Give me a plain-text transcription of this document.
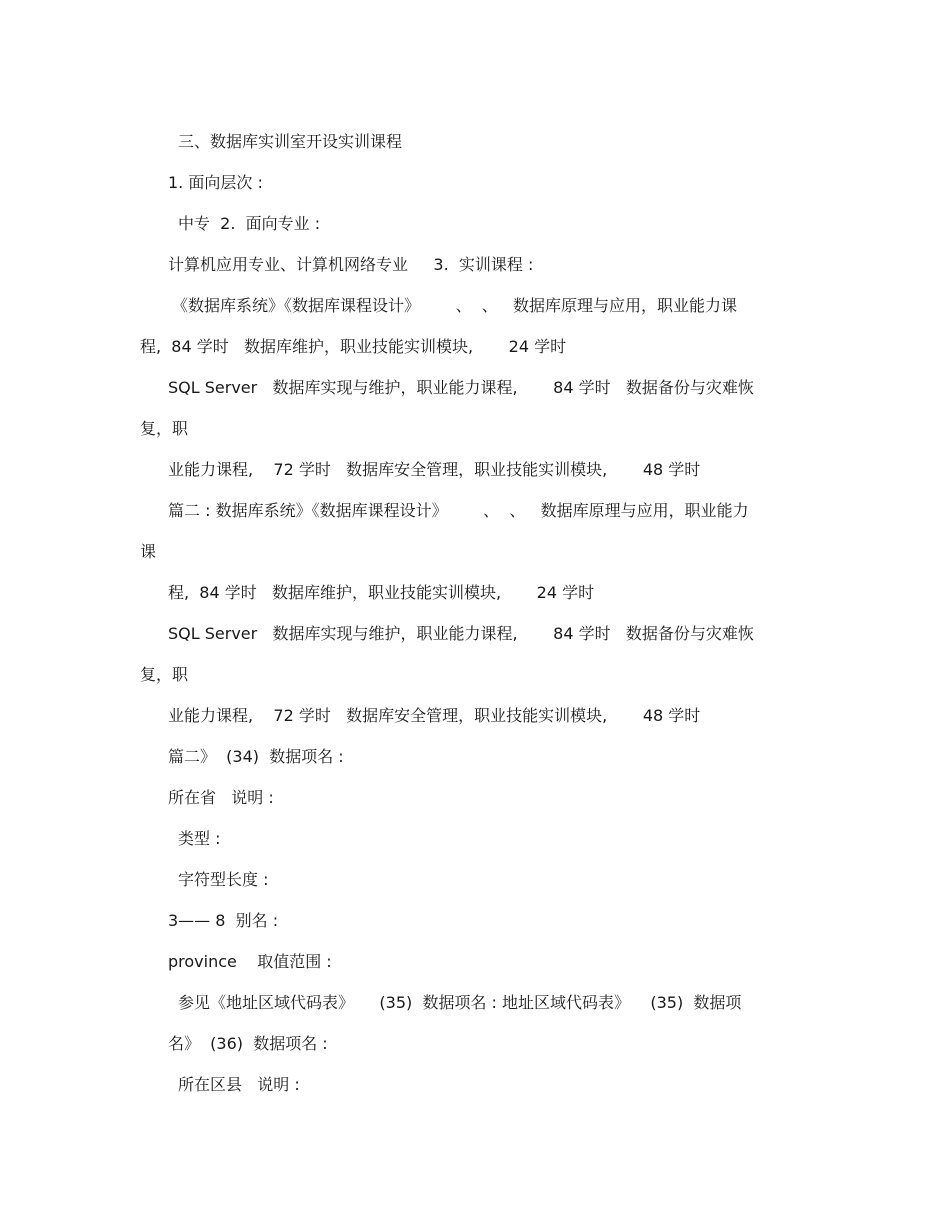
三、数据库实训室开设实训课程
1. 面向层次 :
中专  2.  面向专业 :
计算机应用专业、计算机网络专业     3.  实训课程 :
《数据库系统》《数据库课程设计》       、  、   数据库原理与应用，职业能力课
程,  84 学时   数据库维护，职业技能实训模块,       24 学时
SQL Server   数据库实现与维护，职业能力课程,       84 学时   数据备份与灾难恢
复，职
业能力课程,    72 学时   数据库安全管理，职业技能实训模块,       48 学时
篇二 : 数据库系统》《数据库课程设计》       、  、   数据库原理与应用，职业能力
课
程,  84 学时   数据库维护，职业技能实训模块,       24 学时
SQL Server   数据库实现与维护，职业能力课程,       84 学时   数据备份与灾难恢
复，职
业能力课程,    72 学时   数据库安全管理，职业技能实训模块,       48 学时
篇二》  (34)  数据项名 :
所在省   说明 :
类型 :
字符型长度 :
3—— 8  别名 :
province    取值范围 :
参见《地址区域代码表》     (35)  数据项名 : 地址区域代码表》    (35)  数据项
名》  (36)  数据项名 :
所在区县   说明 :
